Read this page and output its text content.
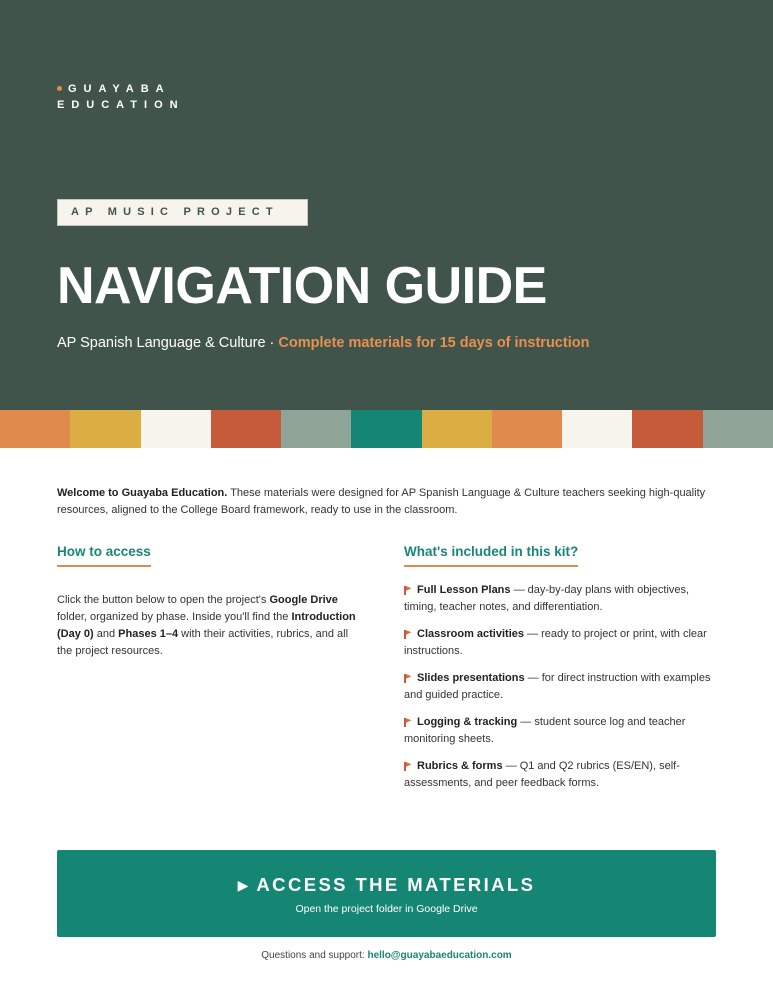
GUAYABA
EDUCATION
AP MUSIC PROJECT
NAVIGATION GUIDE
AP Spanish Language & Culture · Complete materials for 15 days of instruction

Welcome to Guayaba Education. These materials were designed for AP Spanish Language & Culture teachers seeking high-quality resources, aligned to the College Board framework, ready to use in the classroom.

How to access

Click the button below to open the project's Google Drive folder, organized by phase. Inside you'll find the Introduction (Day 0) and Phases 1–4 with their activities, rubrics, and all the project resources.

What's included in this kit?
Full Lesson Plans — day-by-day plans with objectives, timing, teacher notes, and differentiation.
Classroom activities — ready to project or print, with clear instructions.
Slides presentations — for direct instruction with examples and guided practice.
Logging & tracking — student source log and teacher monitoring sheets.
Rubrics & forms — Q1 and Q2 rubrics (ES/EN), self-assessments, and peer feedback forms.
▶ ACCESS THE MATERIALS
Open the project folder in Google Drive
Questions and support: hello@guayabaeducation.com
